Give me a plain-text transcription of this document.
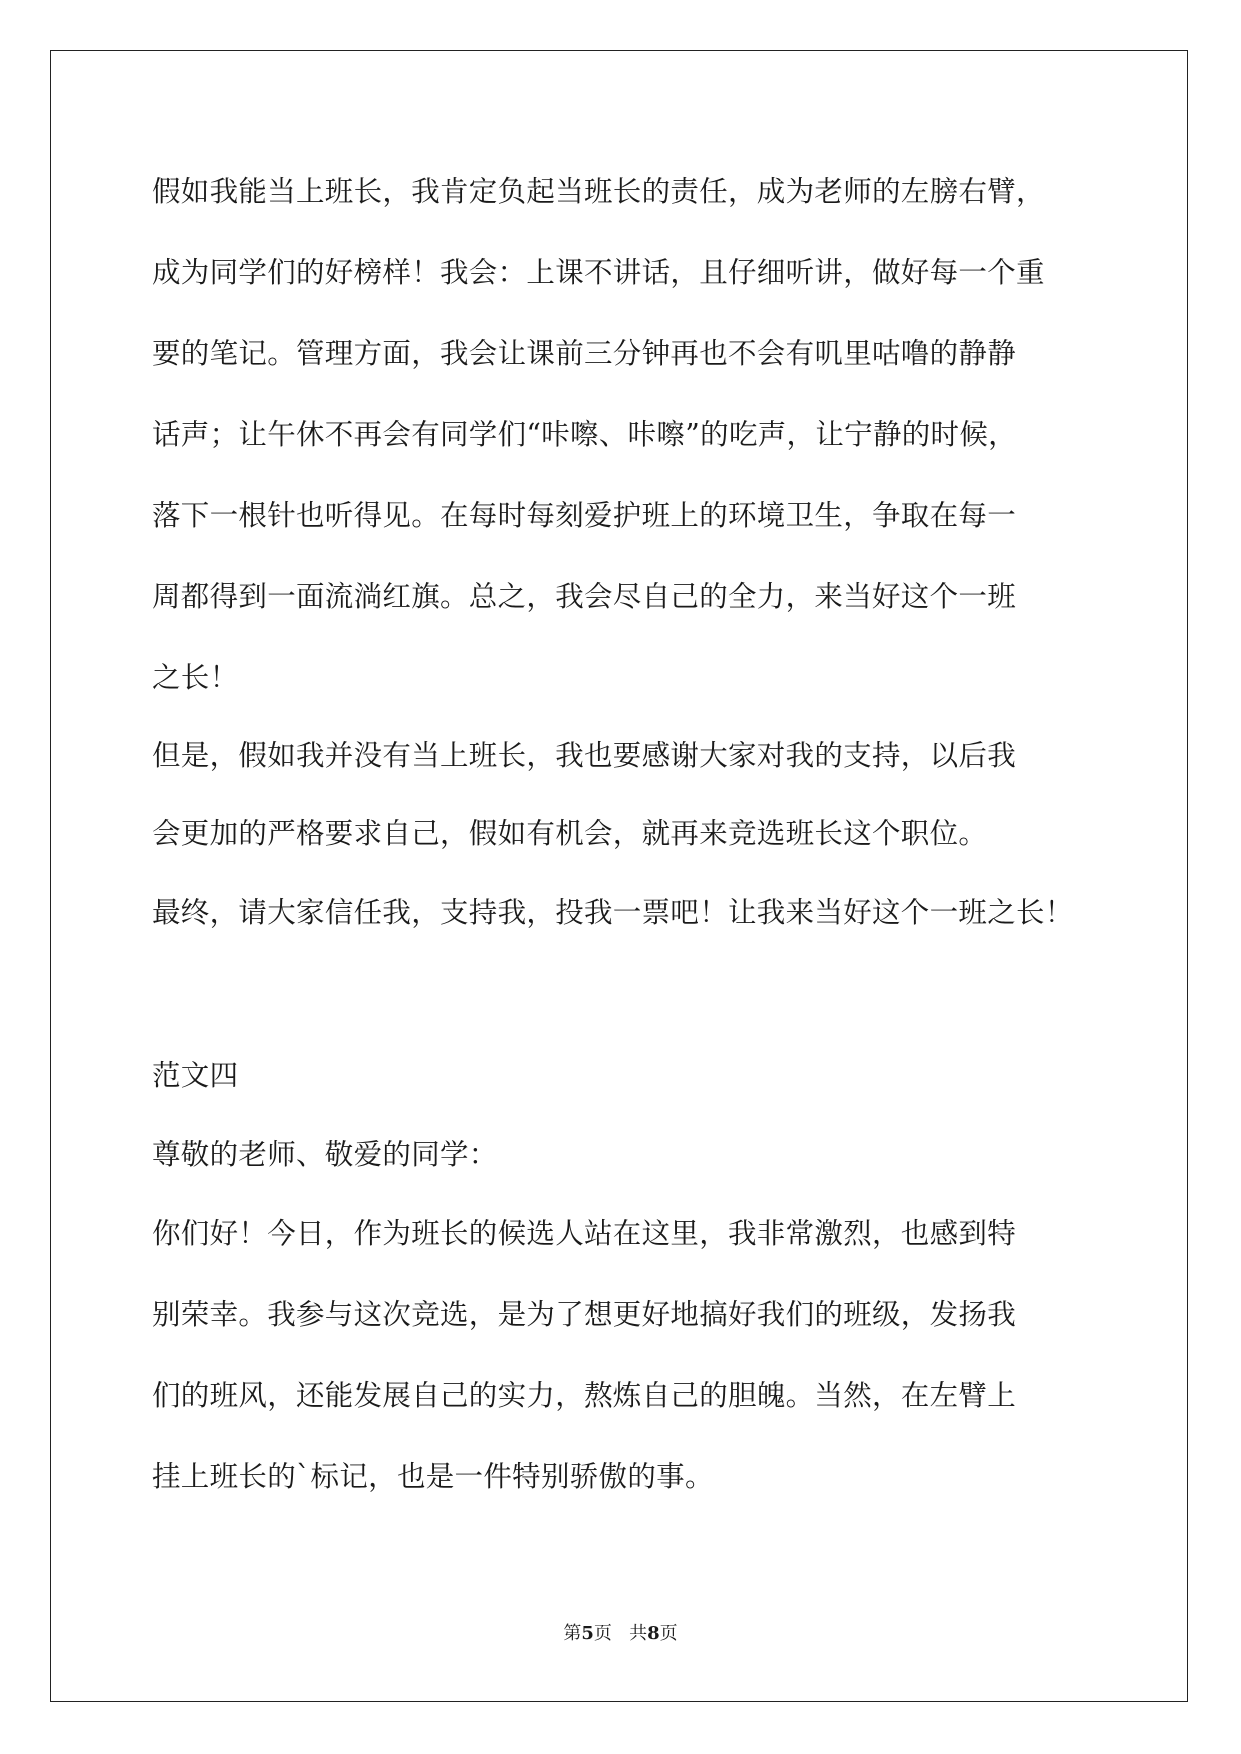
假如我能当上班长，我肯定负起当班长的责任，成为老师的左膀右臂，
成为同学们的好榜样！我会：上课不讲话，且仔细听讲，做好每一个重
要的笔记。管理方面，我会让课前三分钟再也不会有叽里咕噜的静静
话声；让午休不再会有同学们“咔嚓、咔嚓”的吃声，让宁静的时候，
落下一根针也听得见。在每时每刻爱护班上的环境卫生，争取在每一
周都得到一面流淌红旗。总之，我会尽自己的全力，来当好这个一班
之长！
但是，假如我并没有当上班长，我也要感谢大家对我的支持，以后我
会更加的严格要求自己，假如有机会，就再来竞选班长这个职位。
最终，请大家信任我，支持我，投我一票吧！让我来当好这个一班之长！
范文四
尊敬的老师、敬爱的同学：
你们好！今日，作为班长的候选人站在这里，我非常激烈，也感到特
别荣幸。我参与这次竞选，是为了想更好地搞好我们的班级，发扬我
们的班风，还能发展自己的实力，熬炼自己的胆魄。当然，在左臂上
挂上班长的`标记，也是一件特别骄傲的事。
第5页   共8页
